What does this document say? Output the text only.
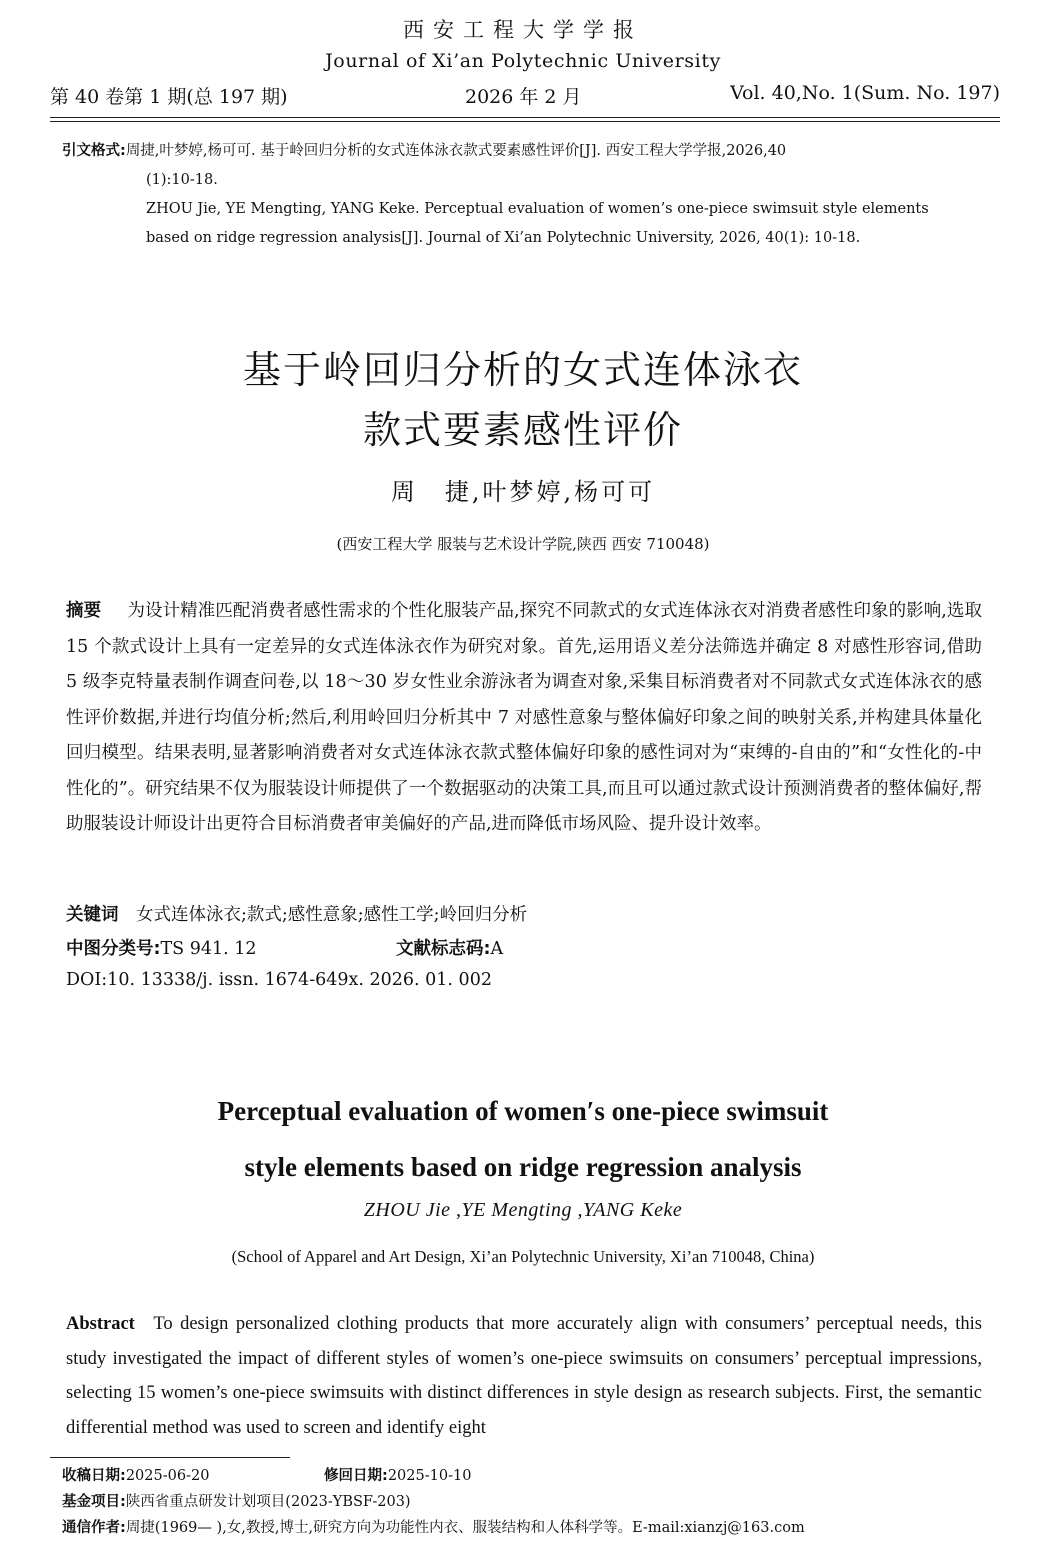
西安工程大学学报
Journal of Xi’an Polytechnic University
第 40 卷第 1 期(总 197 期)	2026 年 2 月	Vol. 40,No. 1(Sum. No. 197)
引文格式:周捷,叶梦婷,杨可可. 基于岭回归分析的女式连体泳衣款式要素感性评价[J]. 西安工程大学学报,2026,40
(1):10-18.
ZHOU Jie, YE Mengting, YANG Keke. Perceptual evaluation of women’s one-piece swimsuit style elements
based on ridge regression analysis[J]. Journal of Xi’an Polytechnic University, 2026, 40(1): 10-18.
基于岭回归分析的女式连体泳衣
款式要素感性评价
周　捷,叶梦婷,杨可可
(西安工程大学 服装与艺术设计学院,陕西 西安 710048)
摘要   为设计精准匹配消费者感性需求的个性化服装产品,探究不同款式的女式连体泳衣对消费者感性印象的影响,选取 15 个款式设计上具有一定差异的女式连体泳衣作为研究对象。首先,运用语义差分法筛选并确定 8 对感性形容词,借助 5 级李克特量表制作调查问卷,以 18～30 岁女性业余游泳者为调查对象,采集目标消费者对不同款式女式连体泳衣的感性评价数据,并进行均值分析;然后,利用岭回归分析其中 7 对感性意象与整体偏好印象之间的映射关系,并构建具体量化回归模型。结果表明,显著影响消费者对女式连体泳衣款式整体偏好印象的感性词对为“束缚的-自由的”和“女性化的-中性化的”。研究结果不仅为服装设计师提供了一个数据驱动的决策工具,而且可以通过款式设计预测消费者的整体偏好,帮助服装设计师设计出更符合目标消费者审美偏好的产品,进而降低市场风险、提升设计效率。
关键词  女式连体泳衣;款式;感性意象;感性工学;岭回归分析
中图分类号:TS 941. 12	文献标志码:A
DOI:10. 13338/j. issn. 1674-649x. 2026. 01. 002
Perceptual evaluation of women′s one-piece swimsuit
style elements based on ridge regression analysis
ZHOU Jie ,YE Mengting ,YANG Keke
(School of Apparel and Art Design, Xi’an Polytechnic University, Xi’an 710048, China)
Abstract  To design personalized clothing products that more accurately align with consumers’ perceptual needs, this study investigated the impact of different styles of women’s one-piece swimsuits on consumers’ perceptual impressions, selecting 15 women’s one-piece swimsuits with distinct differences in style design as research subjects. First, the semantic differential method was used to screen and identify eight
收稿日期:2025-06-20	修回日期:2025-10-10
基金项目:陕西省重点研发计划项目(2023-YBSF-203)
通信作者:周捷(1969— ),女,教授,博士,研究方向为功能性内衣、服装结构和人体科学等。E-mail:xianzj@163.com
